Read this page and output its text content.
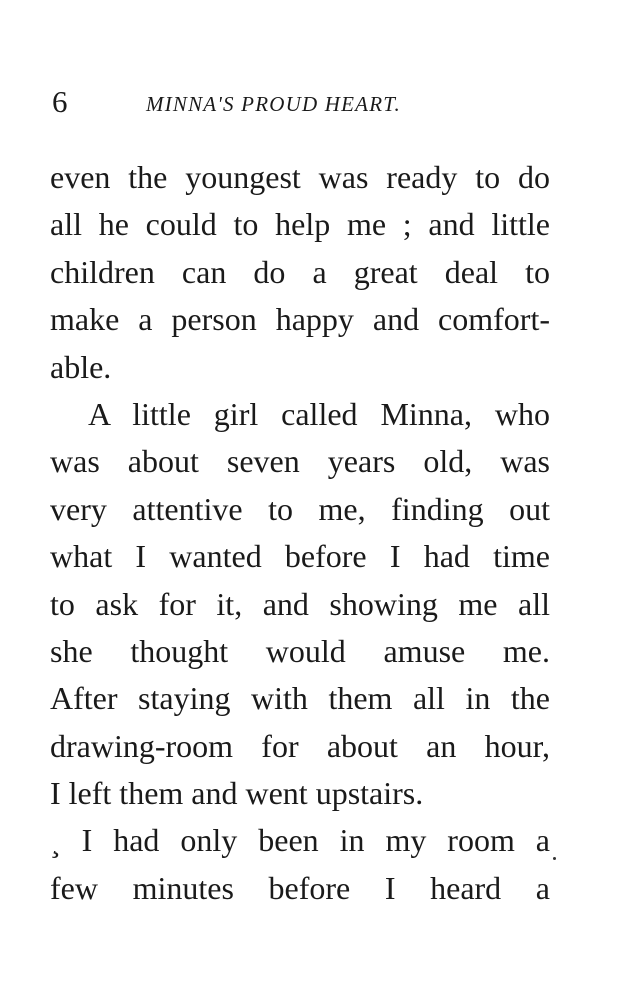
6	MINNA'S PROUD HEART.
even the youngest was ready to do
all he could to help me ; and little
children can do a great deal to
make a person happy and comfort-
able.
A little girl called Minna, who
was about seven years old, was
very attentive to me, finding out
what I wanted before I had time
to ask for it, and showing me all
she thought would amuse me.
After staying with them all in the
drawing-room for about an hour,
I left them and went upstairs.
¸ I had only been in my room a
few minutes before I heard a
